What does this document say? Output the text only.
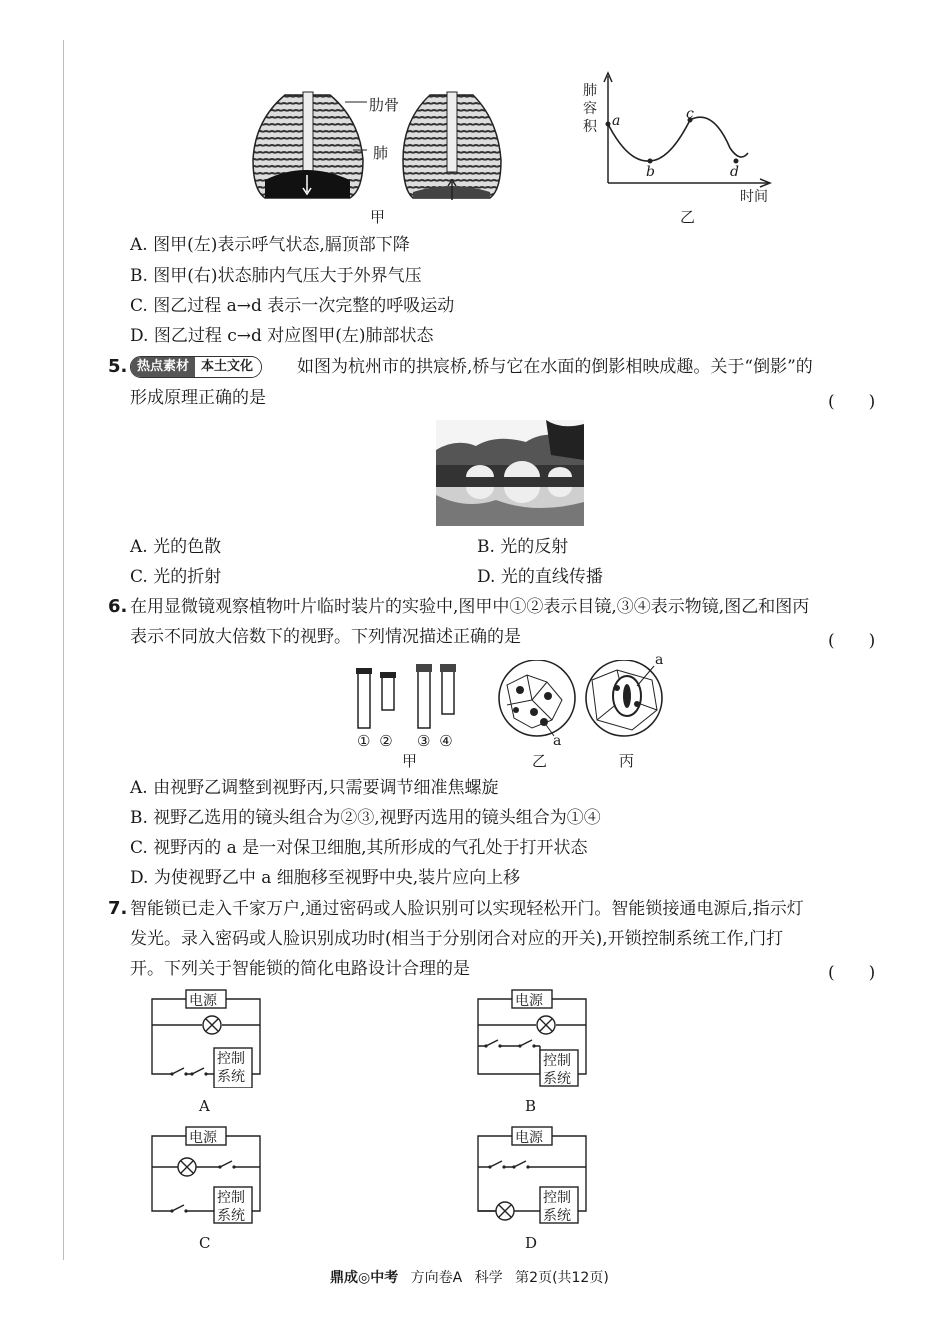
肋骨
肺
甲
肺容积 a
b
c
d
时间
乙
A. 图甲(左)表示呼气状态,膈顶部下降
B. 图甲(右)状态肺内气压大于外界气压
C. 图乙过程 a→d 表示一次完整的呼吸运动
D. 图乙过程 c→d 对应图甲(左)肺部状态
5. 热点素材 本土文化	如图为杭州市的拱宸桥,桥与它在水面的倒影相映成趣。关于“倒影”的
形成原理正确的是	(　　)
A. 光的色散	B. 光的反射
C. 光的折射	D. 光的直线传播
6. 在用显微镜观察植物叶片临时装片的实验中,图甲中①②表示目镜,③④表示物镜,图乙和图丙
表示不同放大倍数下的视野。下列情况描述正确的是	(　　)
① ② ③ ④	a
a
甲	乙	丙
A. 由视野乙调整到视野丙,只需要调节细准焦螺旋
B. 视野乙选用的镜头组合为②③,视野丙选用的镜头组合为①④
C. 视野丙的 a 是一对保卫细胞,其所形成的气孔处于打开状态
D. 为使视野乙中 a 细胞移至视野中央,装片应向上移
7. 智能锁已走入千家万户,通过密码或人脸识别可以实现轻松开门。智能锁接通电源后,指示灯
发光。录入密码或人脸识别成功时(相当于分别闭合对应的开关),开锁控制系统工作,门打
开。下列关于智能锁的简化电路设计合理的是	(　　)
电源
控制
系统
A
电源
控制
系统
B
电源
控制
系统
C
电源
控制
系统
D
鼎成◎中考 方向卷A 科学 第2页(共12页)
